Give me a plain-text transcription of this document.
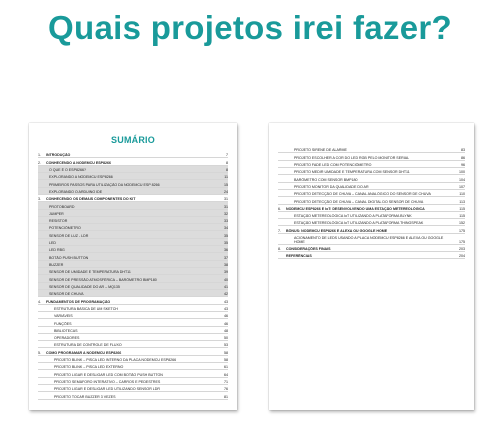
Quais projetos irei fazer?
SUMÁRIO
1.	INTRODUÇÃO	7
2.	CONHECENDO A NODEMCU ESP8266	8
O QUE É O ESP8266?	8
EXPLORANDO A NODEMCU ESP8266	11
PRIMEIROS PASSOS PARA UTILIZAÇÃO DA NODEMCU ESP 8266	15
EXPLORANDO O ARDUINO IDE	24
3.	CONHECENDO OS DEMAIS COMPONENTES DO KIT	31
PROTOBOARD	31
JUMPER	32
RESISTOR	33
POTENCIÔMETRO	34
SENSOR DE LUZ - LDR	35
LED	35
LED RBG	36
BOTÃO PUSH BUTTON	37
BUZZER	38
SENSOR DE UMIDADE E TEMPERATURA DHT11	39
SENSOR DE PRESSÃO ATMOSFÉRICA – BARÔMETRO BMP180	40
SENSOR DE QUALIDADE DO AR – MQ135	41
SENSOR DE CHUVA	42
4.	FUNDAMENTOS DE PROGRAMAÇÃO	43
ESTRUTURA BÁSICA DE UM SKETCH	43
VARIÁVEIS	46
FUNÇÕES	46
BIBLIOTECAS	48
OPERADORES	50
ESTRUTURA DE CONTROLE DE FLUXO	53
5.	COMO PROGRAMAR A NODEMCU ESP8266	58
PROJETO BLINK – PISCA LED INTERNO DA PLACA NODEMCU ESP8266	58
PROJETO BLINK – PISCA LED EXTERNO	61
PROJETO LIGAR E DESLIGAR LED COM BOTÃO PUSH BUTTON	64
PROJETO SEMÁFORO INTERATIVO – CARROS E PEDESTRES	71
PROJETO LIGAR E DESLIGAR LED UTILIZANDO SENSOR LDR	76
PROJETO TOCAR BUZZER 3 VEZES	81
PROJETO SIRENE DE ALARME	83
PROJETO ESCOLHER A COR DO LED RGB PELO MONITOR SERIAL	86
PROJETO FADE LED COM POTENCIÔMETRO	96
PROJETO MEDIR UMIDADE E TEMPERATURA COM SENSOR DHT11	100
BARÔMETRO COM SENSOR BMP180	104
PROJETO MONITOR DA QUALIDADE DO AR	107
PROJETO DETECÇÃO DE CHUVA – CANAL ANALÓGICO DO SENSOR DE CHUVA	110
PROJETO DETECÇÃO DE CHUVA – CANAL DIGITAL DO SENSOR DE CHUVA	113
6.	NODEMCU ESP8266 E IoT: DESENVOLVENDO UMA ESTAÇÃO METEREOLÓGICA	115
ESTAÇÃO METEREOLÓGICA IoT UTILIZANDO A PLATAFORMA BLYNK	115
ESTAÇÃO METEREOLÓGICA IoT UTILIZANDO A PLATAFORMA THINGSPEAK	152
7.	BÔNUS: NODEMCU ESP8266 E ALEXA OU GOOGLE HOME	175
ACIONAMENTO DE LEDS USANDO A PLACA NODEMCU ESP8266 E ALEXA OU GOOGLE HOME	175
8.	CONSIDERAÇÕES FINAIS	203
REFERÊNCIAS	204
